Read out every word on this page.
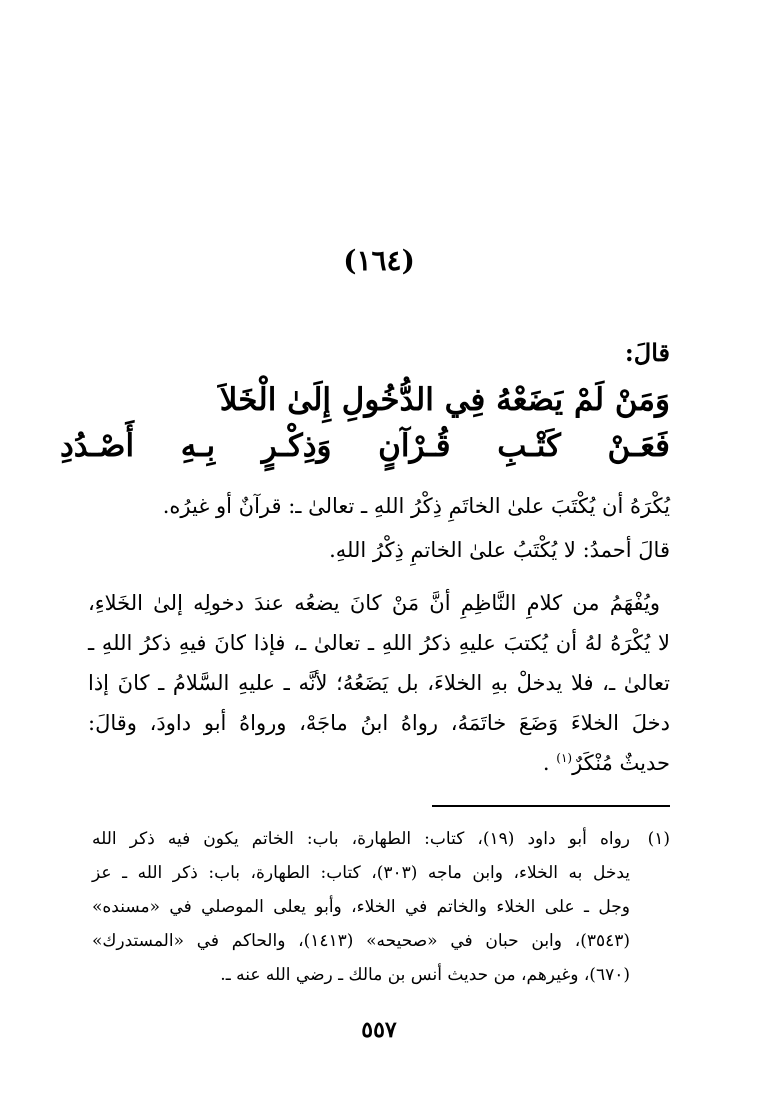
(١٦٤)
قالَ:
وَمَنْ لَمْ يَضَعْهُ فِي الدُّخُولِ إِلَىٰ الْخَلاَ
فَعَـنْ كَتْـبِ قُـرْآنٍ وَذِكْـرٍ بِـهِ أَصْـدُدِ
يُكْرَهُ أن يُكْتَبَ علىٰ الخاتَمِ ذِكْرُ اللهِ ـ تعالىٰ ـ: قرآنٌ أو غيرُه.
قالَ أحمدُ: لا يُكْتَبُ علىٰ الخاتمِ ذِكْرُ اللهِ.
ويُفْهَمُ من كلامِ النَّاظِمِ أنَّ مَنْ كانَ يضعُه عندَ دخولِه إلىٰ الخَلاءِ،
لا يُكْرَهُ لهُ أن يُكتبَ عليهِ ذكرُ اللهِ ـ تعالىٰ ـ، فإذا كانَ فيهِ ذكرُ اللهِ ـ
تعالىٰ ـ، فلا يدخلْ بهِ الخلاءَ، بل يَضَعُهُ؛ لأنَّه ـ عليهِ السَّلامُ ـ كانَ إذا
دخلَ الخلاءَ وَضَعَ خاتَمَهُ، رواهُ ابنُ ماجَهْ، ورواهُ أبو داودَ، وقالَ:
حديثٌ مُنْكَرٌ$^{(١)}$ .
(١)
رواه أبو داود (١٩)، كتاب: الطهارة، باب: الخاتم يكون فيه ذكر الله
يدخل به الخلاء، وابن ماجه (٣٠٣)، كتاب: الطهارة، باب: ذكر الله ـ عز
وجل ـ على الخلاء والخاتم في الخلاء، وأبو يعلى الموصلي في «مسنده»
(٣٥٤٣)، وابن حبان في «صحيحه» (١٤١٣)، والحاكم في «المستدرك»
(٦٧٠)، وغيرهم، من حديث أنس بن مالك ـ رضي الله عنه ـ.
٥٥٧
